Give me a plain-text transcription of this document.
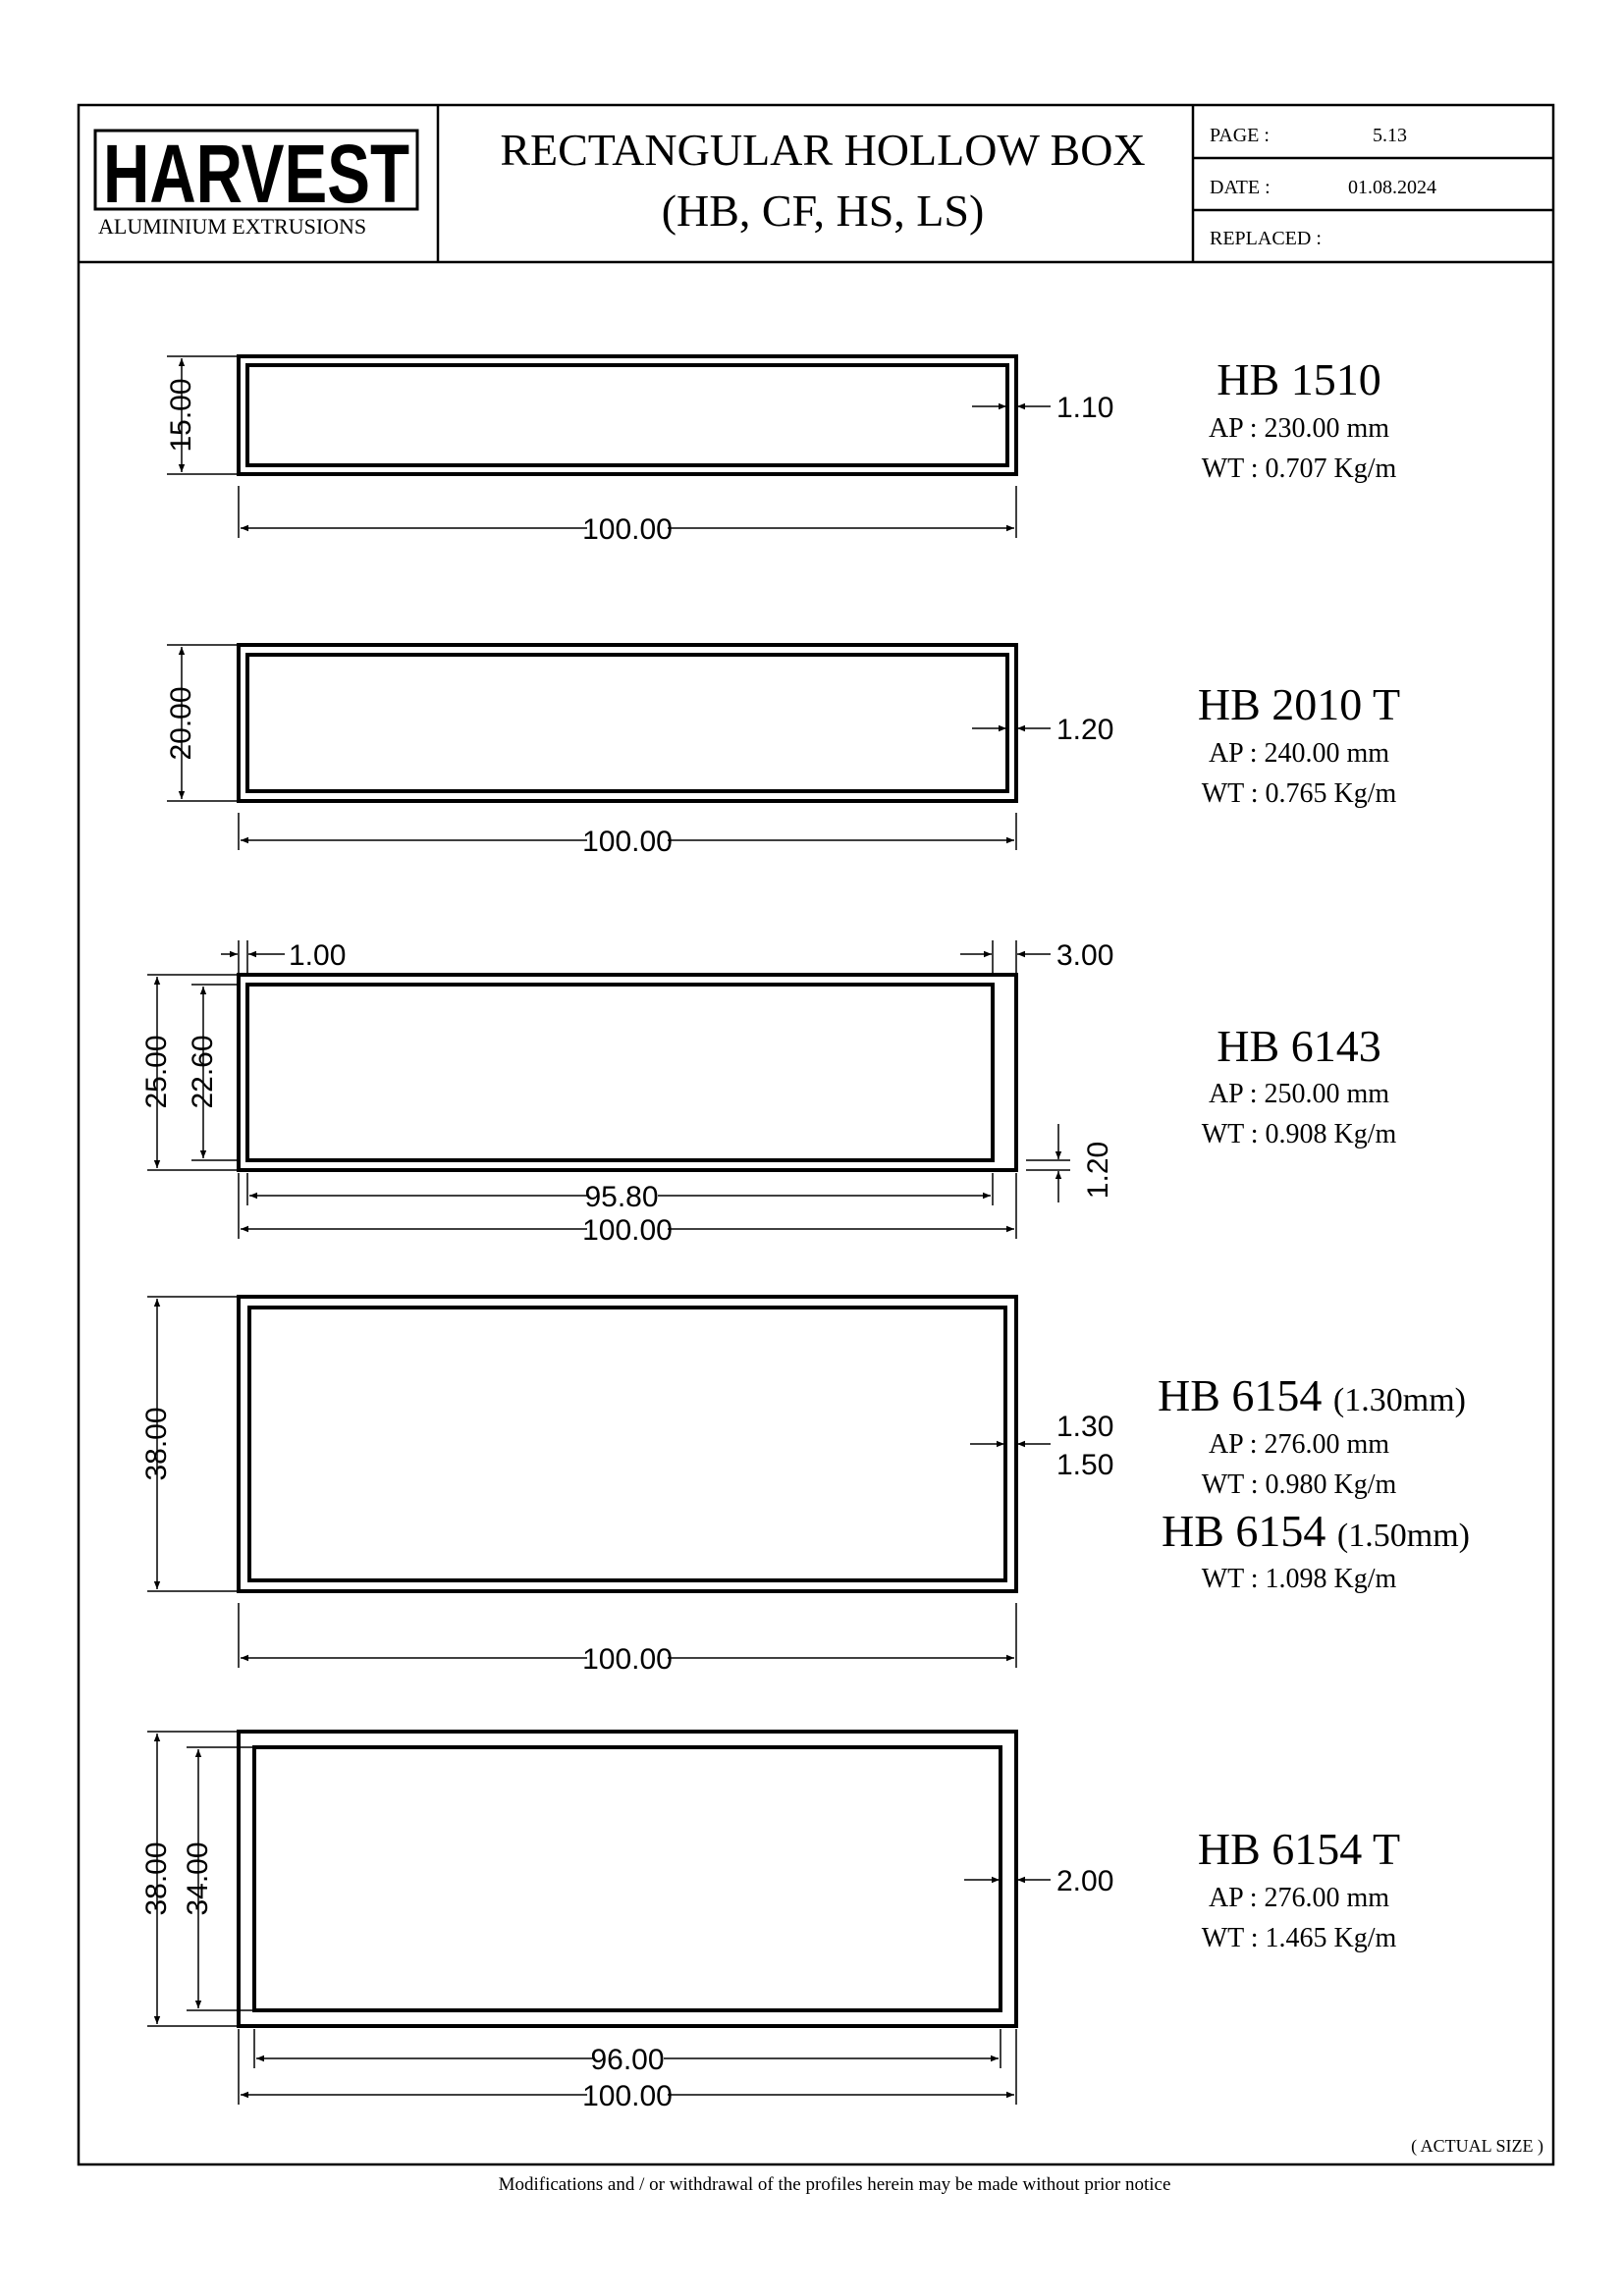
HARVEST
ALUMINIUM EXTRUSIONS
RECTANGULAR HOLLOW BOX
(HB, CF, HS, LS)
PAGE :	5.13
DATE :	01.08.2024
REPLACED :
15.00
100.00
1.10
HB 1510
AP : 230.00 mm
WT : 0.707 Kg/m
20.00
100.00
1.20
HB 2010 T
AP : 240.00 mm
WT : 0.765 Kg/m
1.00	3.00
25.00 22.60
1.20
95.80
100.00
HB 6143
AP : 250.00 mm
WT : 0.908 Kg/m
38.00	1.30
1.50
100.00
HB 6154 (1.30mm)
AP : 276.00 mm
WT : 0.980 Kg/m
HB 6154 (1.50mm)
WT : 1.098 Kg/m
38.00 34.00	2.00
96.00
100.00
HB 6154 T
AP : 276.00 mm
WT : 1.465 Kg/m
( ACTUAL SIZE )
Modifications and / or withdrawal of the profiles herein may be made without prior notice
